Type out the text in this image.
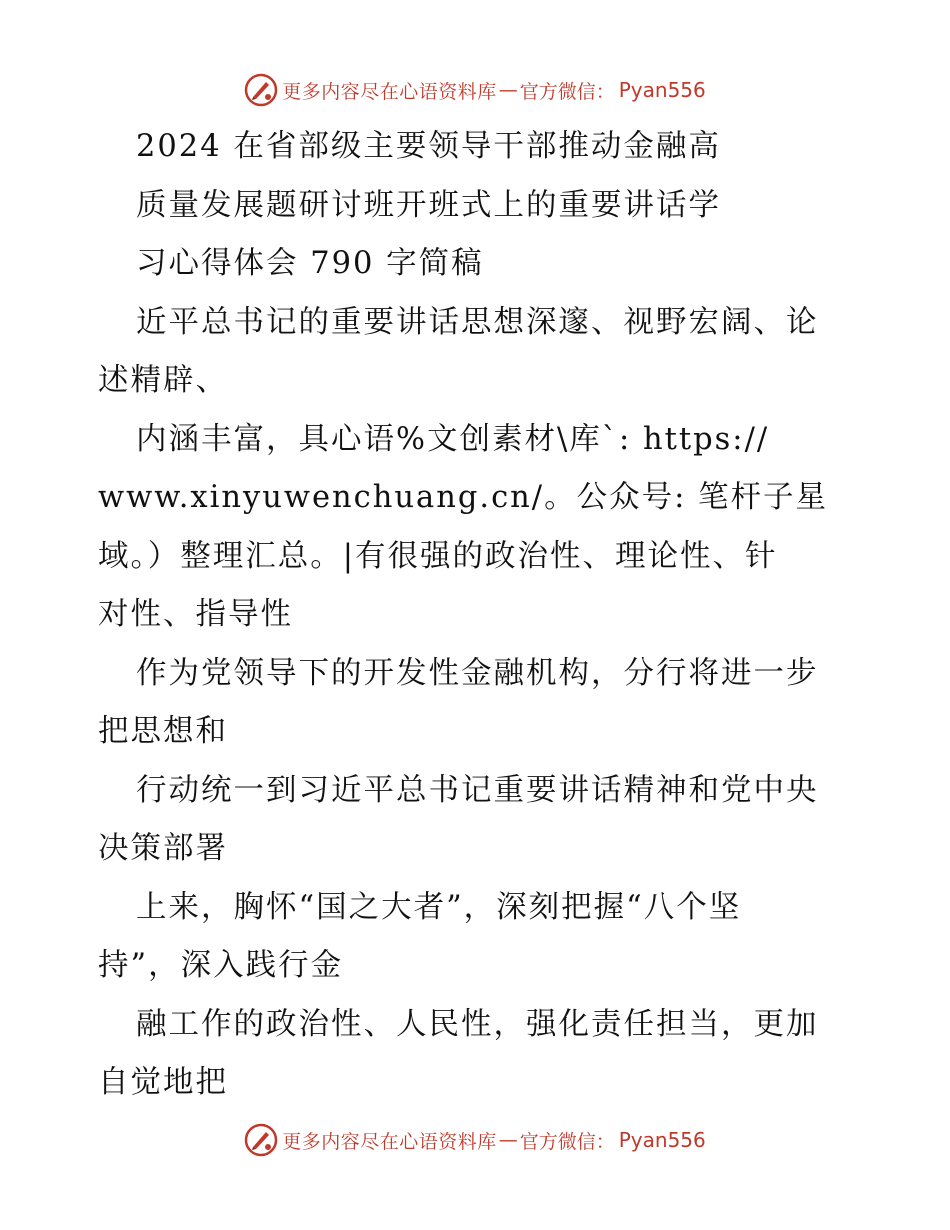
更多内容尽在心语资料库 — 官方微信： Pyan556
2024 在省部级主要领导干部推动金融高
质量发展题研讨班开班式上的重要讲话学
习心得体会 790 字简稿
近平总书记的重要讲话思想深邃、视野宏阔、论
述精辟、
内涵丰富，具心语%文创素材\库`: https://
www.xinyuwenchuang.cn/。公众号: 笔杆子星
域。）整理汇总。|有很强的政治性、理论性、针
对性、指导性
作为党领导下的开发性金融机构，分行将进一步
把思想和
行动统一到习近平总书记重要讲话精神和党中央
决策部署
上来，胸怀“国之大者”，深刻把握“八个坚
持”，深入践行金
融工作的政治性、人民性，强化责任担当，更加
自觉地把
更多内容尽在心语资料库 — 官方微信： Pyan556
